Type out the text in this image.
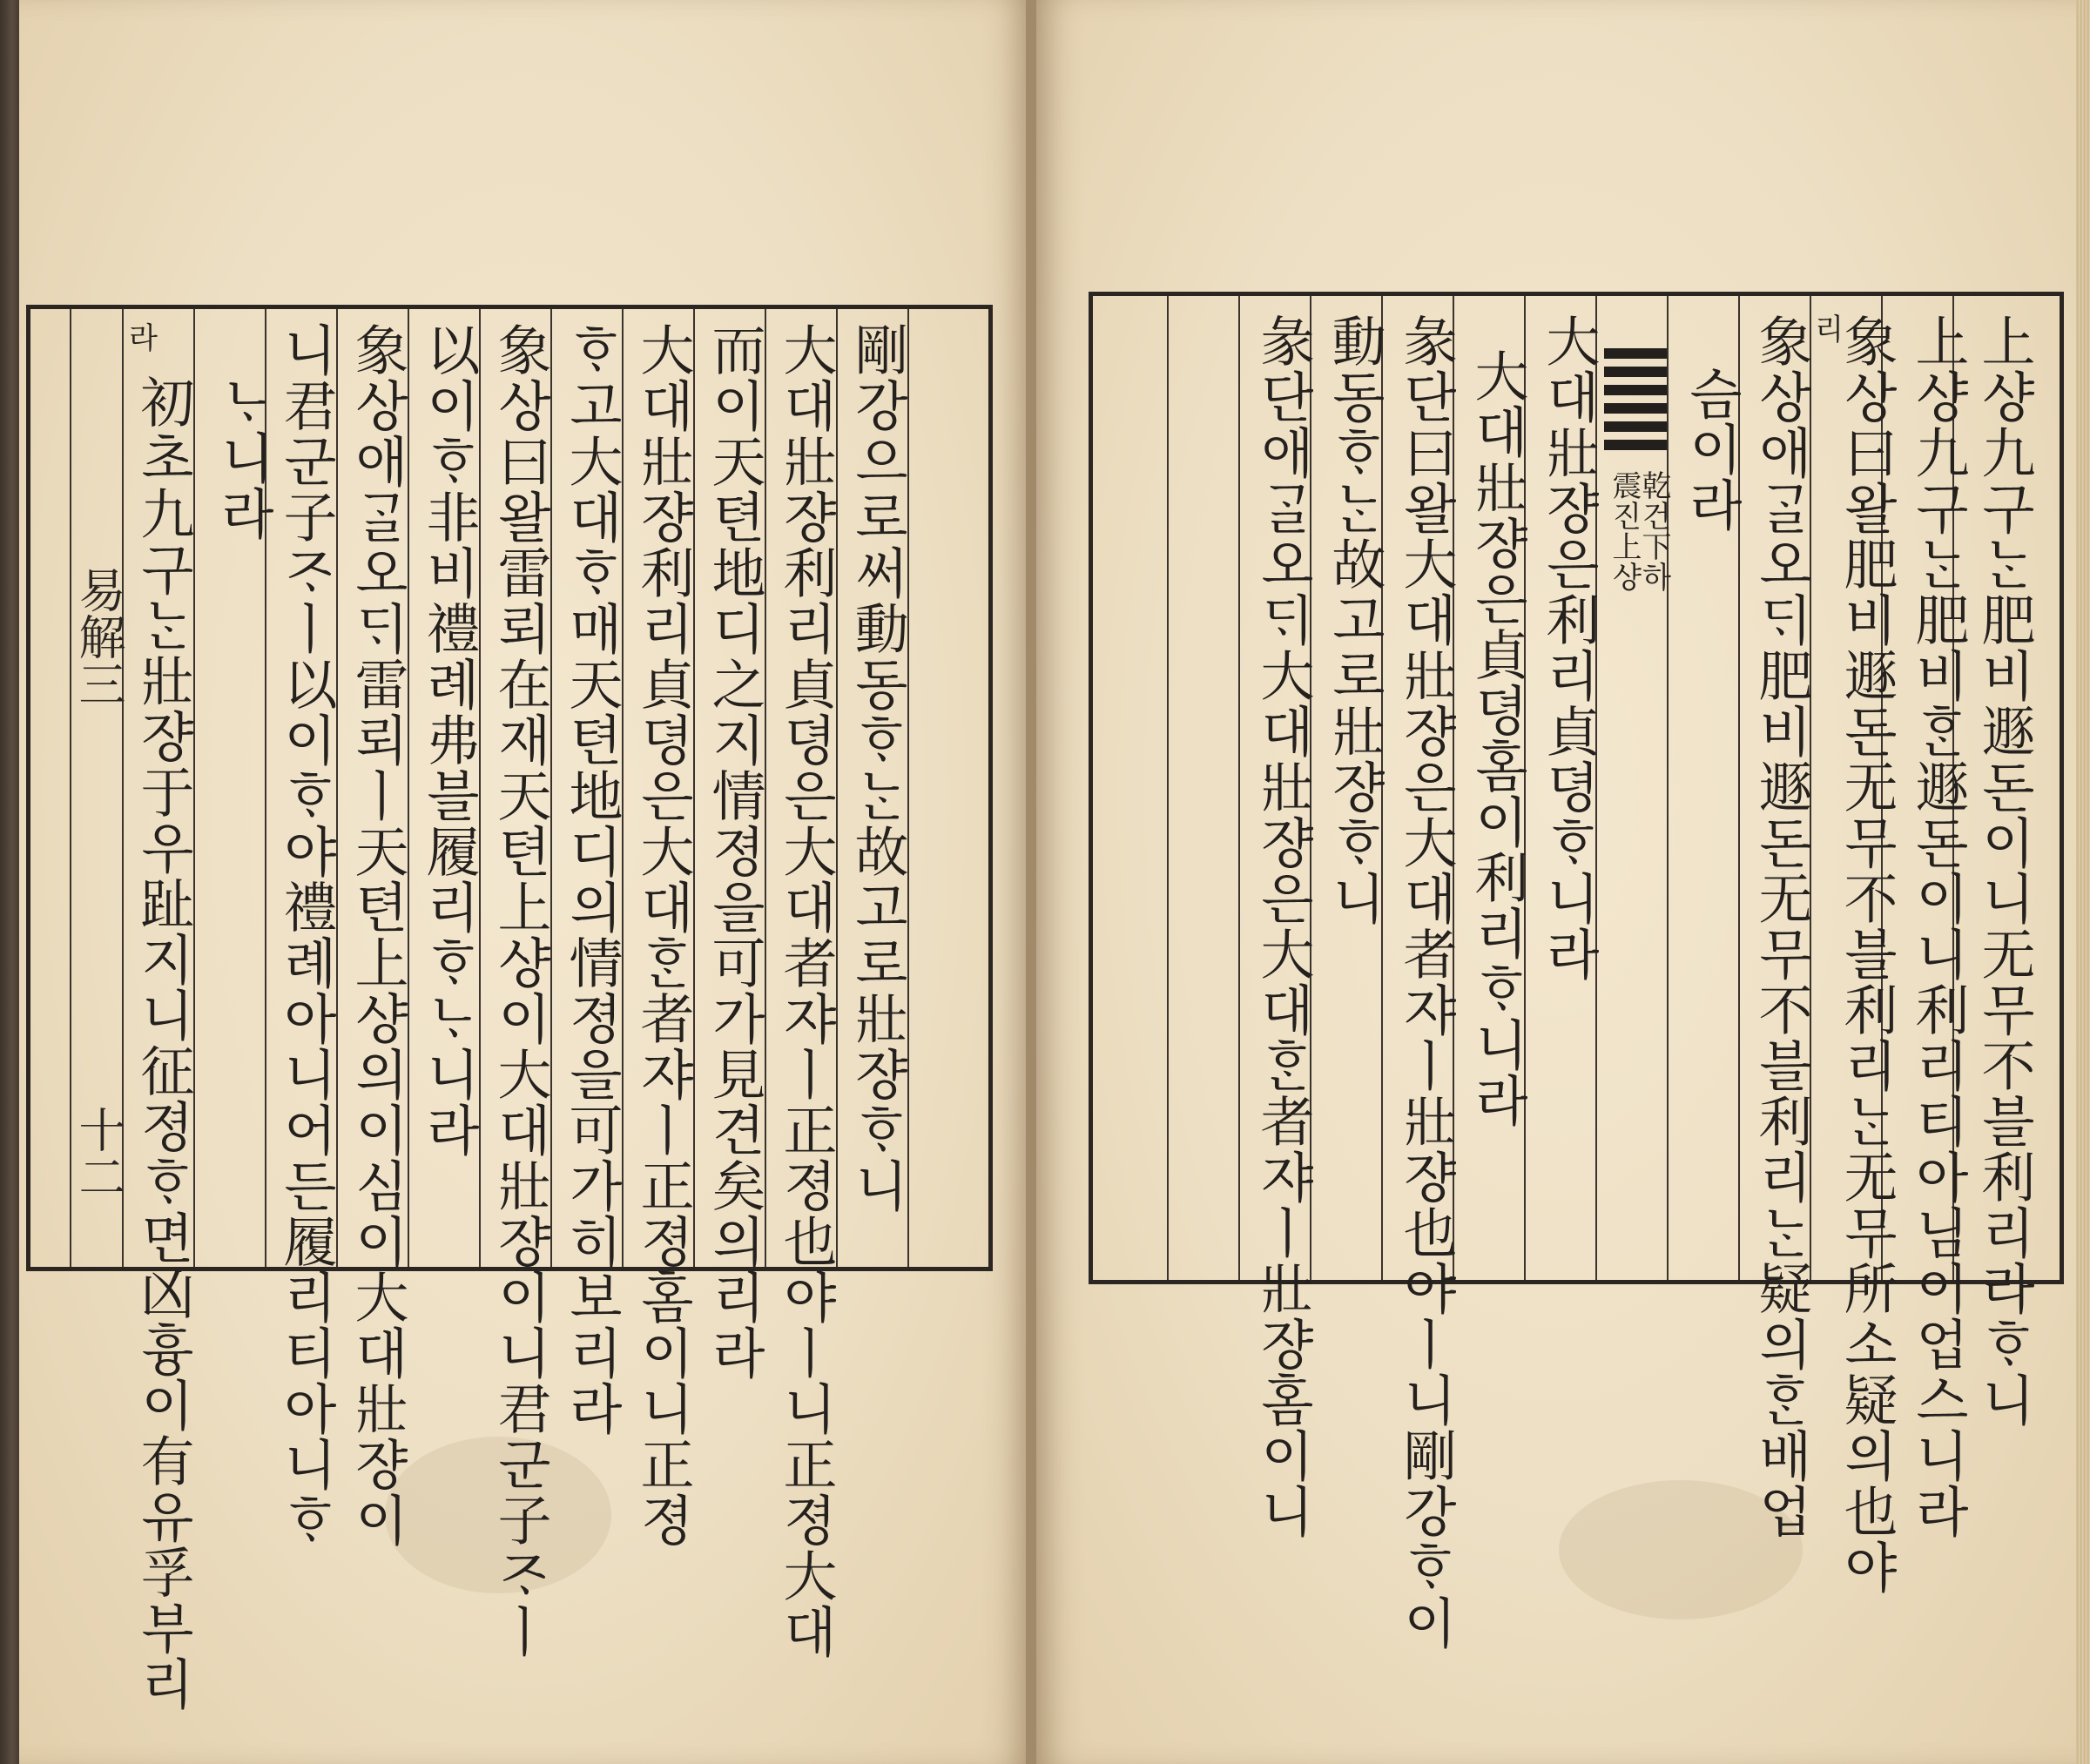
易解三
十二
라
初초九구ᄂᆞᆫ壯쟝于우趾지니征졍ᄒᆞ면凶흉이有유孚부리 ᄂᆞ니라 니君군子ᄌᆞㅣ以이ᄒᆞ야禮례아니어든履리티아니ᄒᆞ 象상애ᄀᆞᆯ오ᄃᆡ雷뢰ㅣ天텬上샹의이심이大대壯쟝이 以이ᄒᆞ非비禮례弗블履리ᄒᆞᄂᆞ니라 象상曰왈雷뢰在재天텬上샹이大대壯쟝이니君군子ᄌᆞㅣ ᄒᆞ고大대ᄒᆞ매天텬地디의情졍을可가히보리라 大대壯쟝利리貞뎡은大대ᄒᆞᆫ者쟈ㅣ正졍홈이니正졍 而이天텬地디之지情졍을可가見견矣의리라 大대壯쟝利리貞뎡은大대者쟈ㅣ正졍也야ㅣ니正졍大대 剛강으로써動동ᄒᆞᄂᆞᆫ故고로壯쟝ᄒᆞ니	上샹九구ᄂᆞᆫ肥비遯돈이니无무不블利리라ᄒᆞ니
上샹九구ᄂᆞᆫ肥비ᄒᆞᆫ遯돈이니利리티아님이업스니라
象상曰왈肥비遯돈无무不블利리ᄂᆞᆫ无무所소疑의也야
리
象상애ᄀᆞᆯ오ᄃᆡ肥비遯돈无무不블利리ᄂᆞᆫ疑의ᄒᆞᆫ배업
슴이라
震진上샹
乾건下하
大대壯쟝은利리貞뎡ᄒᆞ니라
大대壯쟝은貞뎡홈이利리ᄒᆞ니라
彖단曰왈大대壯쟝은大대者쟈ㅣ壯쟝也야ㅣ니剛강ᄒᆞ이
動동ᄒᆞᄂᆞᆫ故고로壯쟝ᄒᆞ니
彖단애ᄀᆞᆯ오ᄃᆡ大대壯쟝은大대ᄒᆞᆫ者쟈ㅣ壯쟝홈이니
